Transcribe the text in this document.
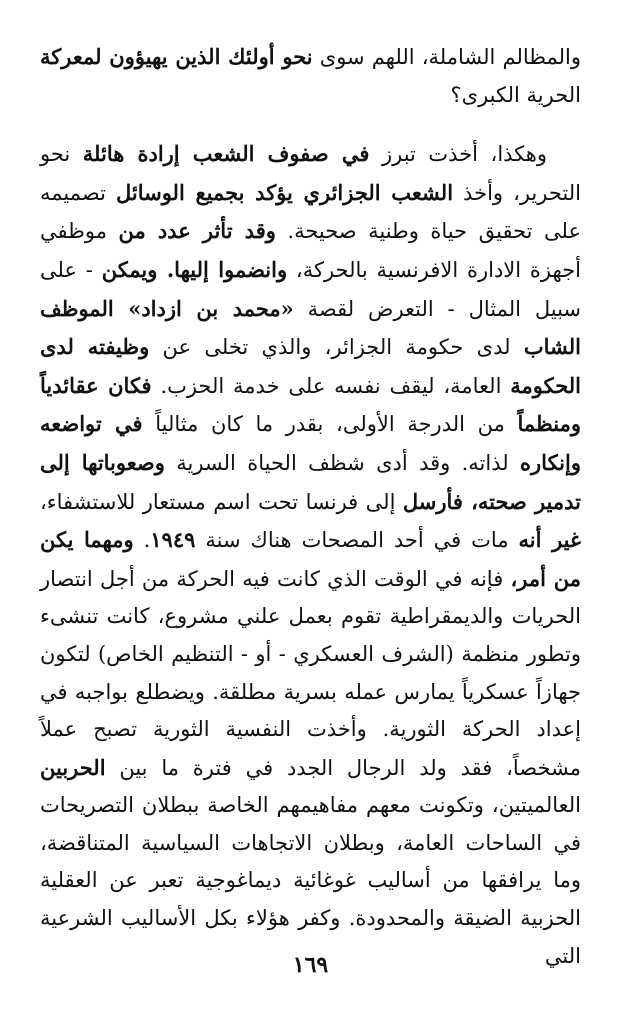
والمظالم الشاملة، اللهم سوى نحو أولئك الذين يهيؤون لمعركة الحرية الكبرى؟

وهكذا، أخذت تبرز في صفوف الشعب إرادة هائلة نحو التحرير، وأخذ الشعب الجزائري يؤكد بجميع الوسائل تصميمه على تحقيق حياة وطنية صحيحة. وقد تأثر عدد من موظفي أجهزة الادارة الافرنسية بالحركة، وانضموا إليها. ويمكن - على سبيل المثال - التعرض لقصة «محمد بن ازداد» الموظف الشاب لدى حكومة الجزائر، والذي تخلى عن وظيفته لدى الحكومة العامة، ليقف نفسه على خدمة الحزب. فكان عقائدياً ومنظماً من الدرجة الأولى، بقدر ما كان مثالياً في تواضعه وإنكاره لذاته. وقد أدى شظف الحياة السرية وصعوباتها إلى تدمير صحته، فأرسل إلى فرنسا تحت اسم مستعار للاستشفاء، غير أنه مات في أحد المصحات هناك سنة ١٩٤٩. ومهما يكن من أمر، فإنه في الوقت الذي كانت فيه الحركة من أجل انتصار الحريات والديمقراطية تقوم بعمل علني مشروع، كانت تنشىء وتطور منظمة (الشرف العسكري - أو - التنظيم الخاص) لتكون جهازاً عسكرياً يمارس عمله بسرية مطلقة. ويضطلع بواجبه في إعداد الحركة الثورية. وأخذت النفسية الثورية تصبح عملاً مشخصاً، فقد ولد الرجال الجدد في فترة ما بين الحربين العالميتين، وتكونت معهم مفاهيمهم الخاصة ببطلان التصريحات في الساحات العامة، وبطلان الاتجاهات السياسية المتناقضة، وما يرافقها من أساليب غوغائية ديماغوجية تعبر عن العقلية الحزبية الضيقة والمحدودة. وكفر هؤلاء بكل الأساليب الشرعية التي

١٦٩
